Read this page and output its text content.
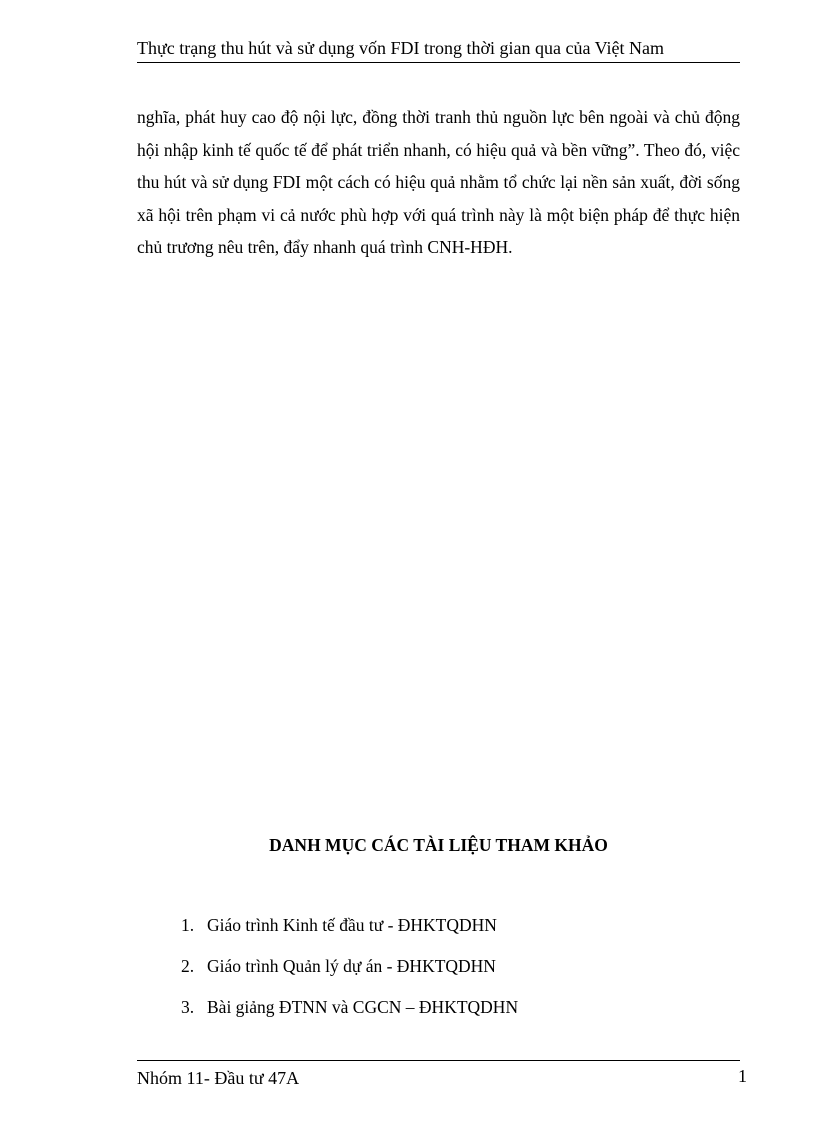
Thực trạng thu hút và sử dụng vốn FDI trong thời gian qua của Việt Nam

nghĩa, phát huy cao độ nội lực, đồng thời tranh thủ nguồn lực bên ngoài và chủ động hội nhập kinh tế quốc tế để phát triển nhanh, có hiệu quả và bền vững”. Theo đó, việc thu hút và sử dụng FDI một cách có hiệu quả nhằm tổ chức lại nền sản xuất, đời sống xã hội trên phạm vi cả nước phù hợp với quá trình này là một biện pháp để thực hiện chủ trương nêu trên, đẩy nhanh quá trình CNH-HĐH.

DANH MỤC CÁC TÀI LIỆU THAM KHẢO
1. Giáo trình Kinh tế đầu tư - ĐHKTQDHN
2. Giáo trình Quản lý dự án - ĐHKTQDHN
3. Bài giảng ĐTNN và CGCN – ĐHKTQDHN
Nhóm 11- Đầu tư 47A	1
